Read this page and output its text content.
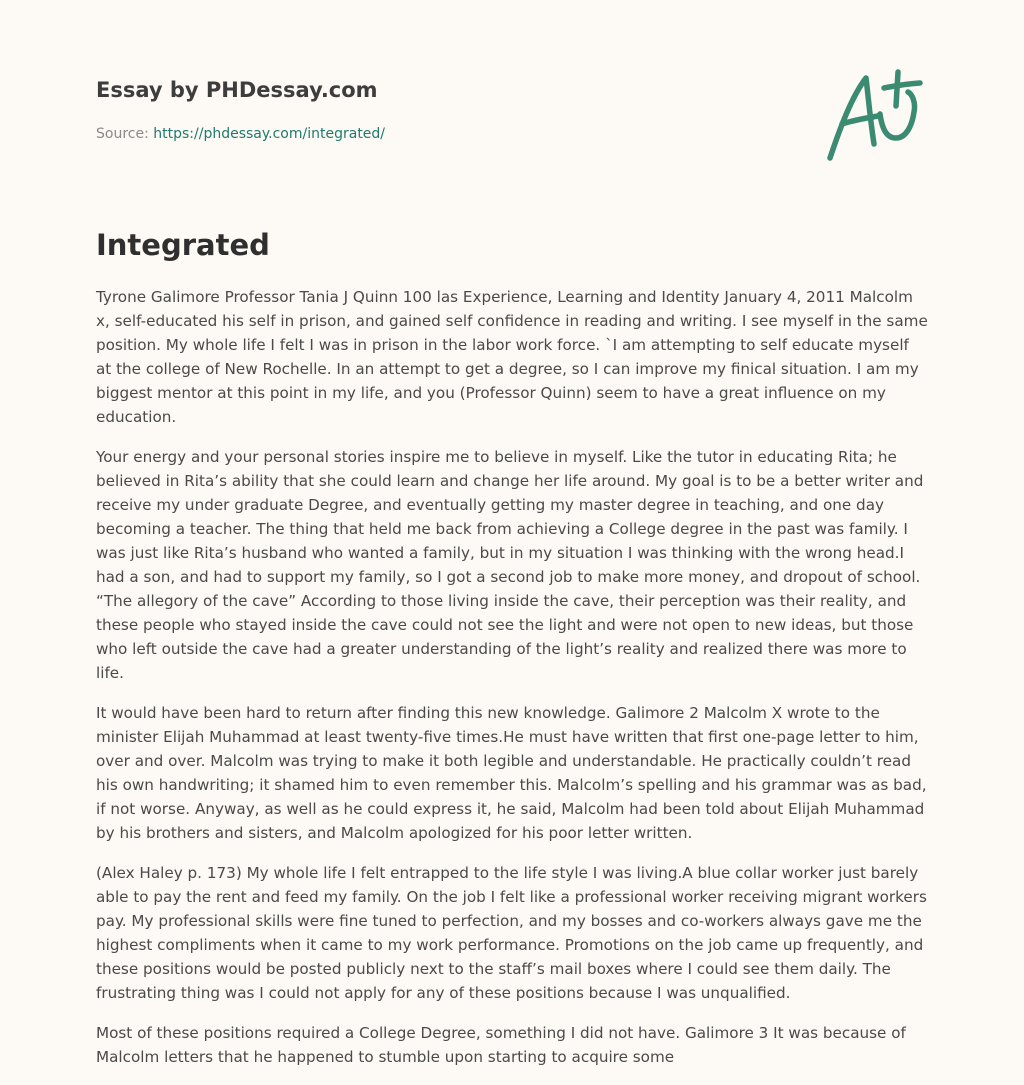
Essay by PHDessay.com
Source: https://phdessay.com/integrated/
Integrated

Tyrone Galimore Professor Tania J Quinn 100 las Experience, Learning and Identity January 4, 2011 Malcolm x, self-educated his self in prison, and gained self confidence in reading and writing. I see myself in the same position. My whole life I felt I was in prison in the labor work force. `I am attempting to self educate myself at the college of New Rochelle. In an attempt to get a degree, so I can improve my finical situation. I am my biggest mentor at this point in my life, and you (Professor Quinn) seem to have a great influence on my education.

Your energy and your personal stories inspire me to believe in myself. Like the tutor in educating Rita; he believed in Rita’s ability that she could learn and change her life around. My goal is to be a better writer and receive my under graduate Degree, and eventually getting my master degree in teaching, and one day becoming a teacher. The thing that held me back from achieving a College degree in the past was family. I was just like Rita’s husband who wanted a family, but in my situation I was thinking with the wrong head.I had a son, and had to support my family, so I got a second job to make more money, and dropout of school. “The allegory of the cave” According to those living inside the cave, their perception was their reality, and these people who stayed inside the cave could not see the light and were not open to new ideas, but those who left outside the cave had a greater understanding of the light’s reality and realized there was more to life.

It would have been hard to return after finding this new knowledge. Galimore 2 Malcolm X wrote to the minister Elijah Muhammad at least twenty-five times.He must have written that first one-page letter to him, over and over. Malcolm was trying to make it both legible and understandable. He practically couldn’t read his own handwriting; it shamed him to even remember this. Malcolm’s spelling and his grammar was as bad, if not worse. Anyway, as well as he could express it, he said, Malcolm had been told about Elijah Muhammad by his brothers and sisters, and Malcolm apologized for his poor letter written.

(Alex Haley p. 173) My whole life I felt entrapped to the life style I was living.A blue collar worker just barely able to pay the rent and feed my family. On the job I felt like a professional worker receiving migrant workers pay. My professional skills were fine tuned to perfection, and my bosses and co-workers always gave me the highest compliments when it came to my work performance. Promotions on the job came up frequently, and these positions would be posted publicly next to the staff’s mail boxes where I could see them daily. The frustrating thing was I could not apply for any of these positions because I was unqualified.

Most of these positions required a College Degree, something I did not have. Galimore 3 It was because of Malcolm letters that he happened to stumble upon starting to acquire some
